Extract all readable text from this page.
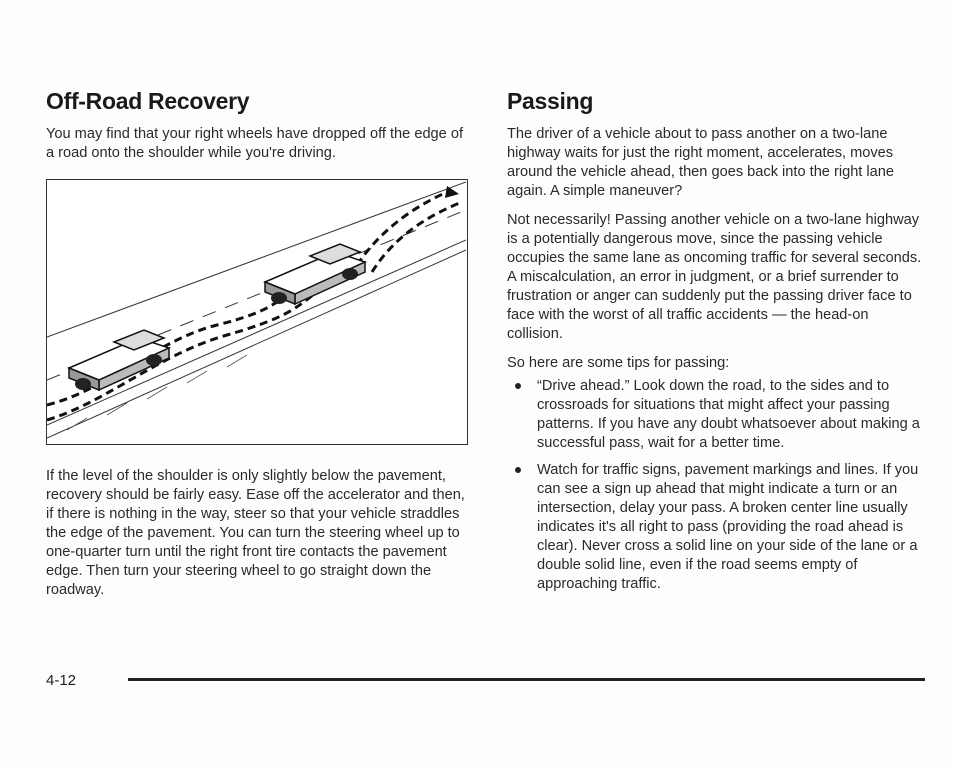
Off-Road Recovery

You may find that your right wheels have dropped off the edge of a road onto the shoulder while you're driving.

If the level of the shoulder is only slightly below the pavement, recovery should be fairly easy. Ease off the accelerator and then, if there is nothing in the way, steer so that your vehicle straddles the edge of the pavement. You can turn the steering wheel up to one-quarter turn until the right front tire contacts the pavement edge. Then turn your steering wheel to go straight down the roadway.

Passing

The driver of a vehicle about to pass another on a two-lane highway waits for just the right moment, accelerates, moves around the vehicle ahead, then goes back into the right lane again. A simple maneuver?

Not necessarily! Passing another vehicle on a two-lane highway is a potentially dangerous move, since the passing vehicle occupies the same lane as oncoming traffic for several seconds. A miscalculation, an error in judgment, or a brief surrender to frustration or anger can suddenly put the passing driver face to face with the worst of all traffic accidents — the head-on collision.

So here are some tips for passing:

“Drive ahead.” Look down the road, to the sides and to crossroads for situations that might affect your passing patterns. If you have any doubt whatsoever about making a successful pass, wait for a better time.
Watch for traffic signs, pavement markings and lines. If you can see a sign up ahead that might indicate a turn or an intersection, delay your pass. A broken center line usually indicates it's all right to pass (providing the road ahead is clear). Never cross a solid line on your side of the lane or a double solid line, even if the road seems empty of approaching traffic.
4-12
